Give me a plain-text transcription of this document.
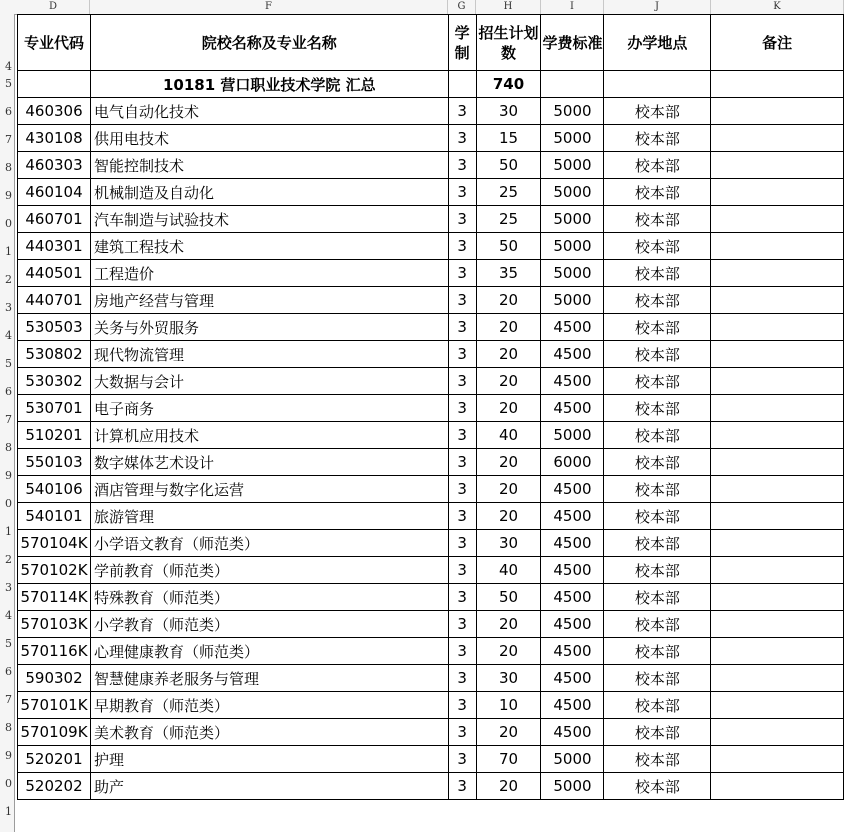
D	F	G	H	I	J	K
4
5
6
7
8
9
0
1
2
3
4
5
6
7
8
9
0
1
2
3
4
5
6
7
8
9
0
1
专业代码	院校名称及专业名称	学制	招生计划数	学费标准	办学地点	备注
	10181 营口职业技术学院 汇总		740			
460306	电气自动化技术	3	30	5000	校本部	
430108	供用电技术	3	15	5000	校本部	
460303	智能控制技术	3	50	5000	校本部	
460104	机械制造及自动化	3	25	5000	校本部	
460701	汽车制造与试验技术	3	25	5000	校本部	
440301	建筑工程技术	3	50	5000	校本部	
440501	工程造价	3	35	5000	校本部	
440701	房地产经营与管理	3	20	5000	校本部	
530503	关务与外贸服务	3	20	4500	校本部	
530802	现代物流管理	3	20	4500	校本部	
530302	大数据与会计	3	20	4500	校本部	
530701	电子商务	3	20	4500	校本部	
510201	计算机应用技术	3	40	5000	校本部	
550103	数字媒体艺术设计	3	20	6000	校本部	
540106	酒店管理与数字化运营	3	20	4500	校本部	
540101	旅游管理	3	20	4500	校本部	
570104K	小学语文教育（师范类）	3	30	4500	校本部	
570102K	学前教育（师范类）	3	40	4500	校本部	
570114K	特殊教育（师范类）	3	50	4500	校本部	
570103K	小学教育（师范类）	3	20	4500	校本部	
570116K	心理健康教育（师范类）	3	20	4500	校本部	
590302	智慧健康养老服务与管理	3	30	4500	校本部	
570101K	早期教育（师范类）	3	10	4500	校本部	
570109K	美术教育（师范类）	3	20	4500	校本部	
520201	护理	3	70	5000	校本部	
520202	助产	3	20	5000	校本部	
